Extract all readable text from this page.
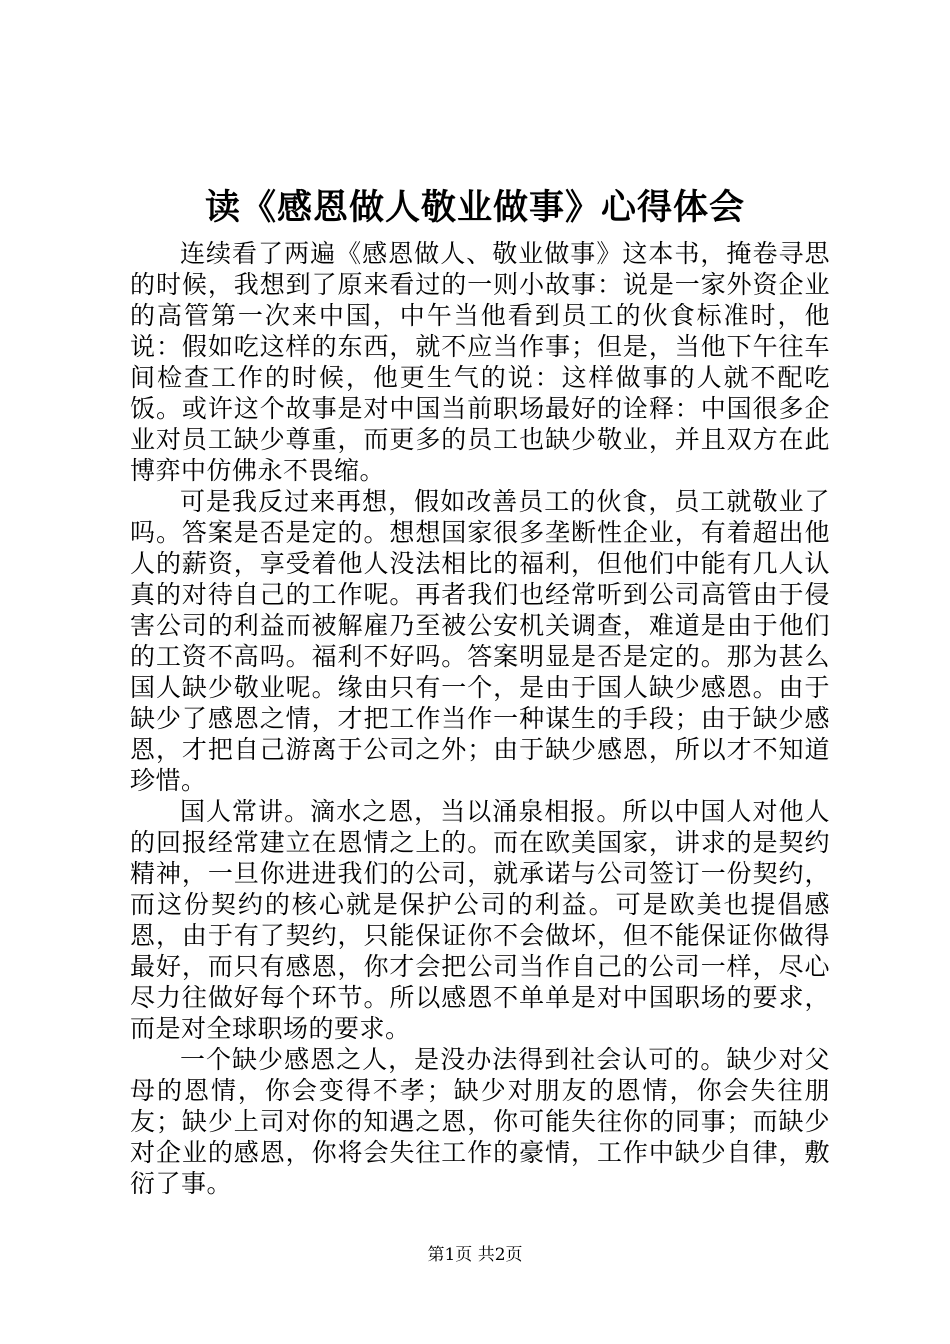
读《感恩做人敬业做事》心得体会

连续看了两遍《感恩做人、敬业做事》这本书，掩卷寻思的时候，我想到了原来看过的一则小故事：说是一家外资企业的高管第一次来中国，中午当他看到员工的伙食标准时，他说：假如吃这样的东西，就不应当作事；但是，当他下午往车间检查工作的时候，他更生气的说：这样做事的人就不配吃饭。或许这个故事是对中国当前职场最好的诠释：中国很多企业对员工缺少尊重，而更多的员工也缺少敬业，并且双方在此博弈中仿佛永不畏缩。

可是我反过来再想，假如改善员工的伙食，员工就敬业了吗。答案是否是定的。想想国家很多垄断性企业，有着超出他人的薪资，享受着他人没法相比的福利，但他们中能有几人认真的对待自己的工作呢。再者我们也经常听到公司高管由于侵害公司的利益而被解雇乃至被公安机关调查，难道是由于他们的工资不高吗。福利不好吗。答案明显是否是定的。那为甚么国人缺少敬业呢。缘由只有一个，是由于国人缺少感恩。由于缺少了感恩之情，才把工作当作一种谋生的手段；由于缺少感恩，才把自己游离于公司之外；由于缺少感恩，所以才不知道珍惜。

国人常讲。滴水之恩，当以涌泉相报。所以中国人对他人的回报经常建立在恩情之上的。而在欧美国家，讲求的是契约精神，一旦你进进我们的公司，就承诺与公司签订一份契约，而这份契约的核心就是保护公司的利益。可是欧美也提倡感恩，由于有了契约，只能保证你不会做坏，但不能保证你做得最好，而只有感恩，你才会把公司当作自己的公司一样，尽心尽力往做好每个环节。所以感恩不单单是对中国职场的要求，而是对全球职场的要求。

一个缺少感恩之人，是没办法得到社会认可的。缺少对父母的恩情，你会变得不孝；缺少对朋友的恩情，你会失往朋友；缺少上司对你的知遇之恩，你可能失往你的同事；而缺少对企业的感恩，你将会失往工作的豪情，工作中缺少自律，敷衍了事。

第1页 共2页
